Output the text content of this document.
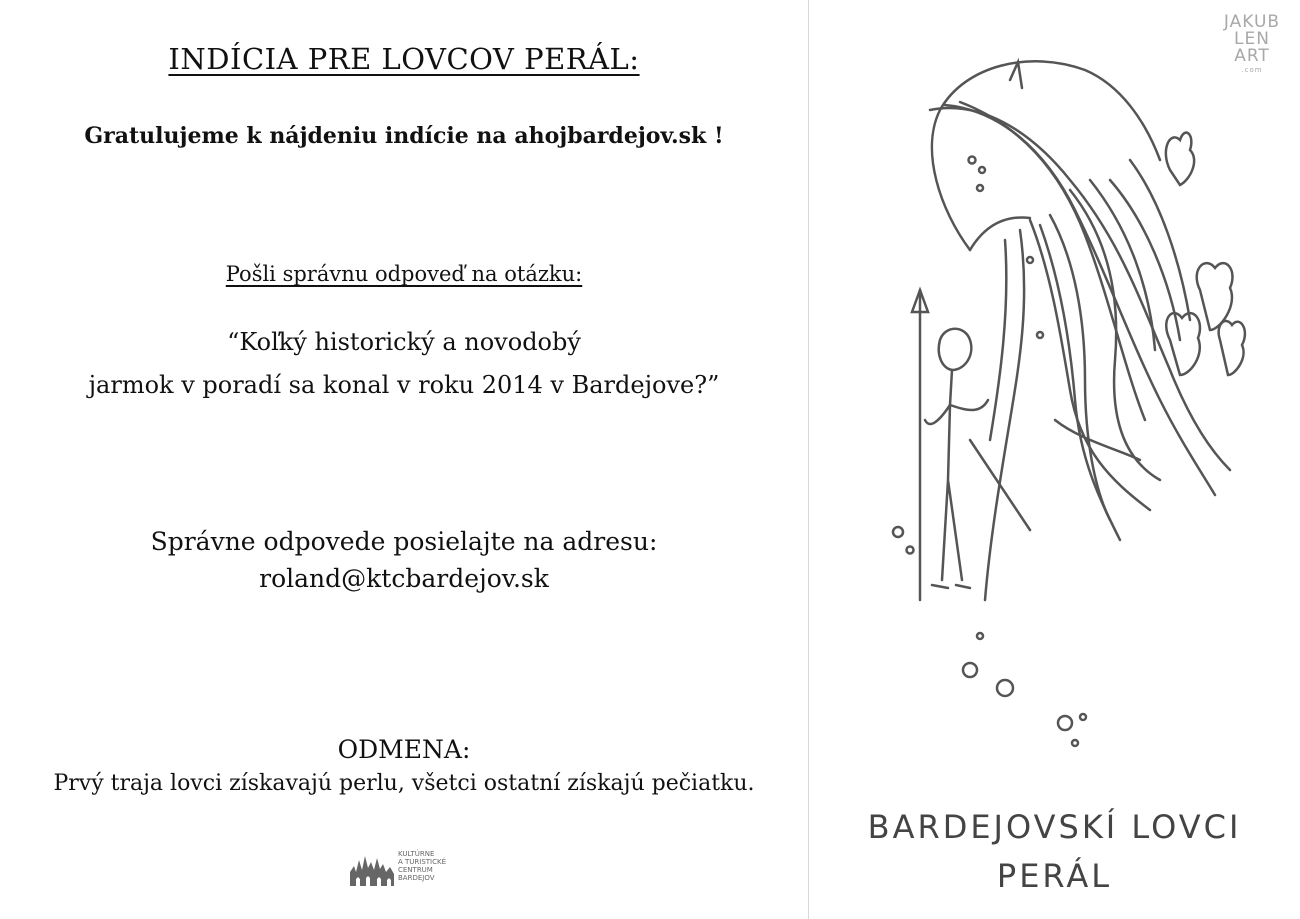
INDÍCIA PRE LOVCOV PERÁL:
Gratulujeme k nájdeniu indície na ahojbardejov.sk !
Pošli správnu odpoveď na otázku:
“Koľký historický a novodobý
jarmok v poradí sa konal v roku 2014 v Bardejove?”
Správne odpovede posielajte na adresu:
roland@ktcbardejov.sk
ODMENA:
Prvý traja lovci získavajú perlu, všetci ostatní získajú pečiatku.
KULTÚRNE
A TURISTICKÉ
CENTRUM
BARDEJOV
JAKUB
LEN
ART
.com
BARDEJOVSKÍ LOVCI
PERÁL
